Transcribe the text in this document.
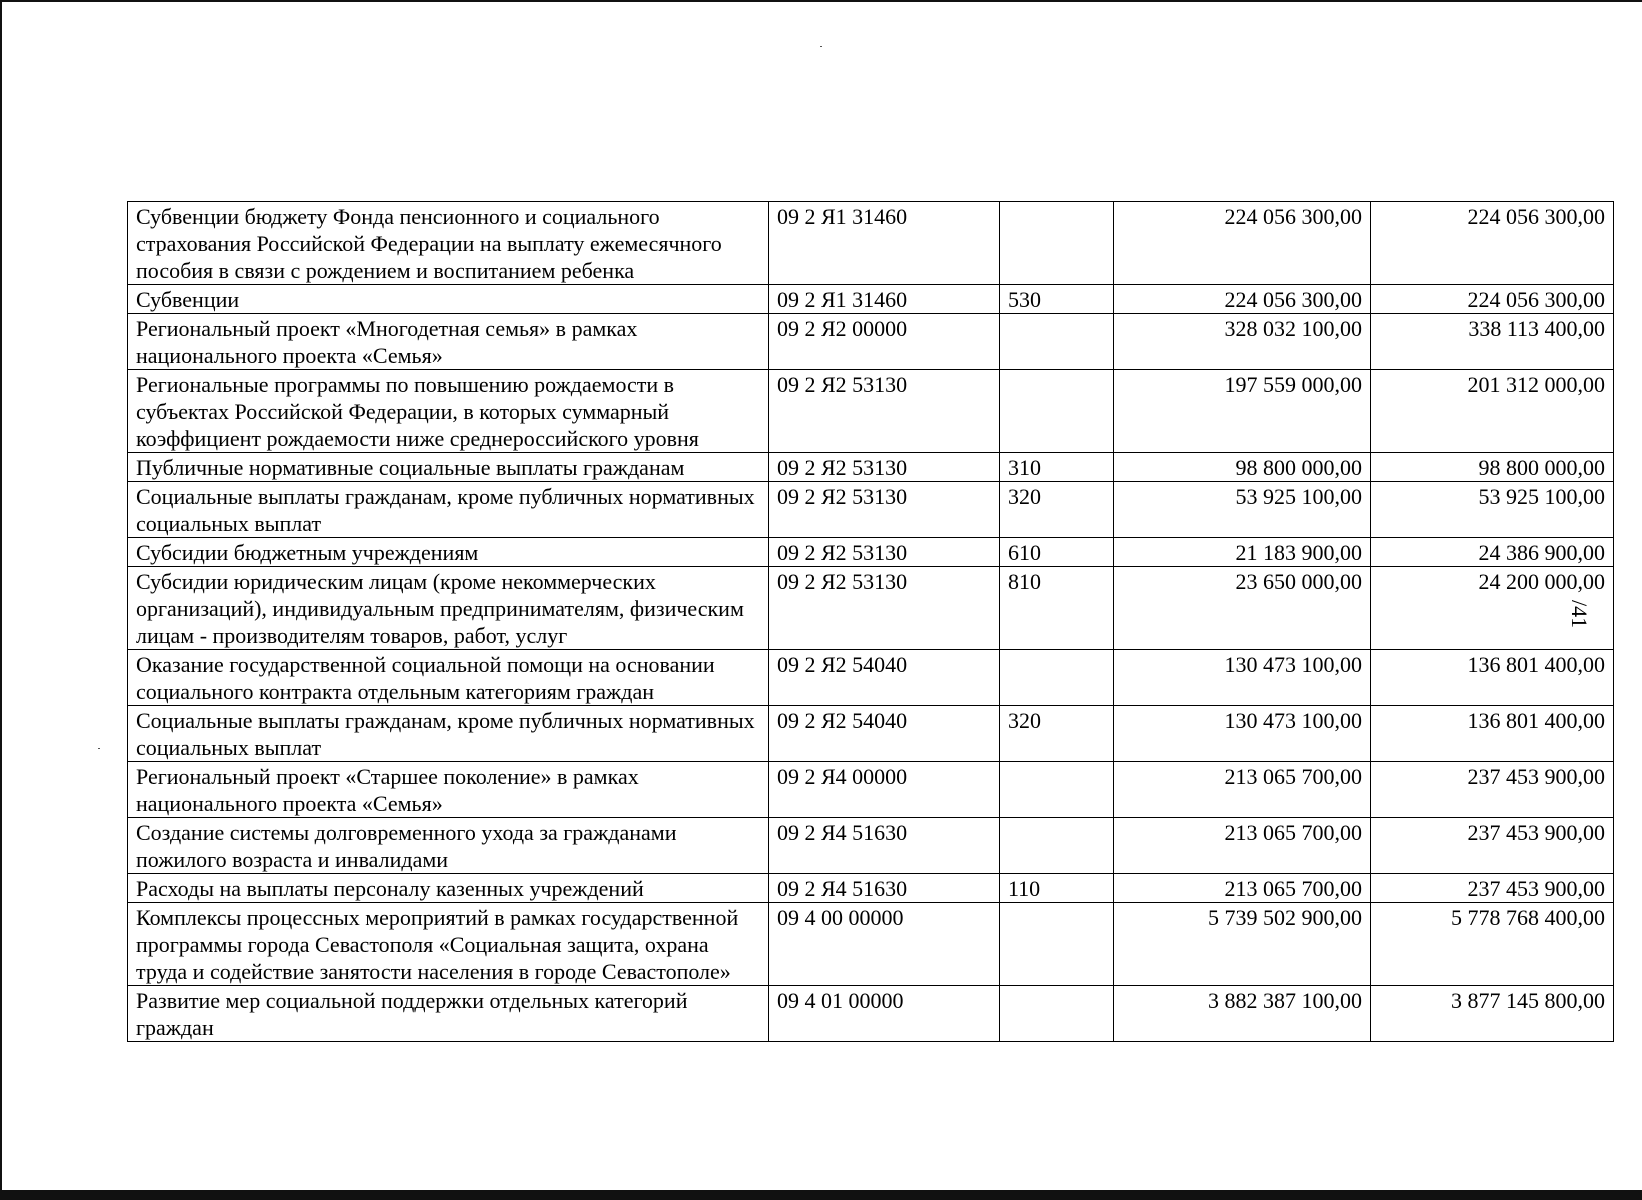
/41
Субвенции бюджету Фонда пенсионного и социального страхования Российской Федерации на выплату ежемесячного пособия в связи с рождением и воспитанием ребенка	09 2 Я1 31460		224 056 300,00	224 056 300,00
Субвенции	09 2 Я1 31460	530	224 056 300,00	224 056 300,00
Региональный проект «Многодетная семья» в рамках национального проекта «Семья»	09 2 Я2 00000		328 032 100,00	338 113 400,00
Региональные программы по повышению рождаемости в субъектах Российской Федерации, в которых суммарный коэффициент рождаемости ниже среднероссийского уровня	09 2 Я2 53130		197 559 000,00	201 312 000,00
Публичные нормативные социальные выплаты гражданам	09 2 Я2 53130	310	98 800 000,00	98 800 000,00
Социальные выплаты гражданам, кроме публичных нормативных социальных выплат	09 2 Я2 53130	320	53 925 100,00	53 925 100,00
Субсидии бюджетным учреждениям	09 2 Я2 53130	610	21 183 900,00	24 386 900,00
Субсидии юридическим лицам (кроме некоммерческих организаций), индивидуальным предпринимателям, физическим лицам - производителям товаров, работ, услуг	09 2 Я2 53130	810	23 650 000,00	24 200 000,00
Оказание государственной социальной помощи на основании социального контракта отдельным категориям граждан	09 2 Я2 54040		130 473 100,00	136 801 400,00
Социальные выплаты гражданам, кроме публичных нормативных социальных выплат	09 2 Я2 54040	320	130 473 100,00	136 801 400,00
Региональный проект «Старшее поколение» в рамках национального проекта «Семья»	09 2 Я4 00000		213 065 700,00	237 453 900,00
Создание системы долговременного ухода за гражданами пожилого возраста и инвалидами	09 2 Я4 51630		213 065 700,00	237 453 900,00
Расходы на выплаты персоналу казенных учреждений	09 2 Я4 51630	110	213 065 700,00	237 453 900,00
Комплексы процессных мероприятий в рамках государственной программы города Севастополя «Социальная защита, охрана труда и содействие занятости населения в городе Севастополе»	09 4 00 00000		5 739 502 900,00	5 778 768 400,00
Развитие мер социальной поддержки отдельных категорий граждан	09 4 01 00000		3 882 387 100,00	3 877 145 800,00
